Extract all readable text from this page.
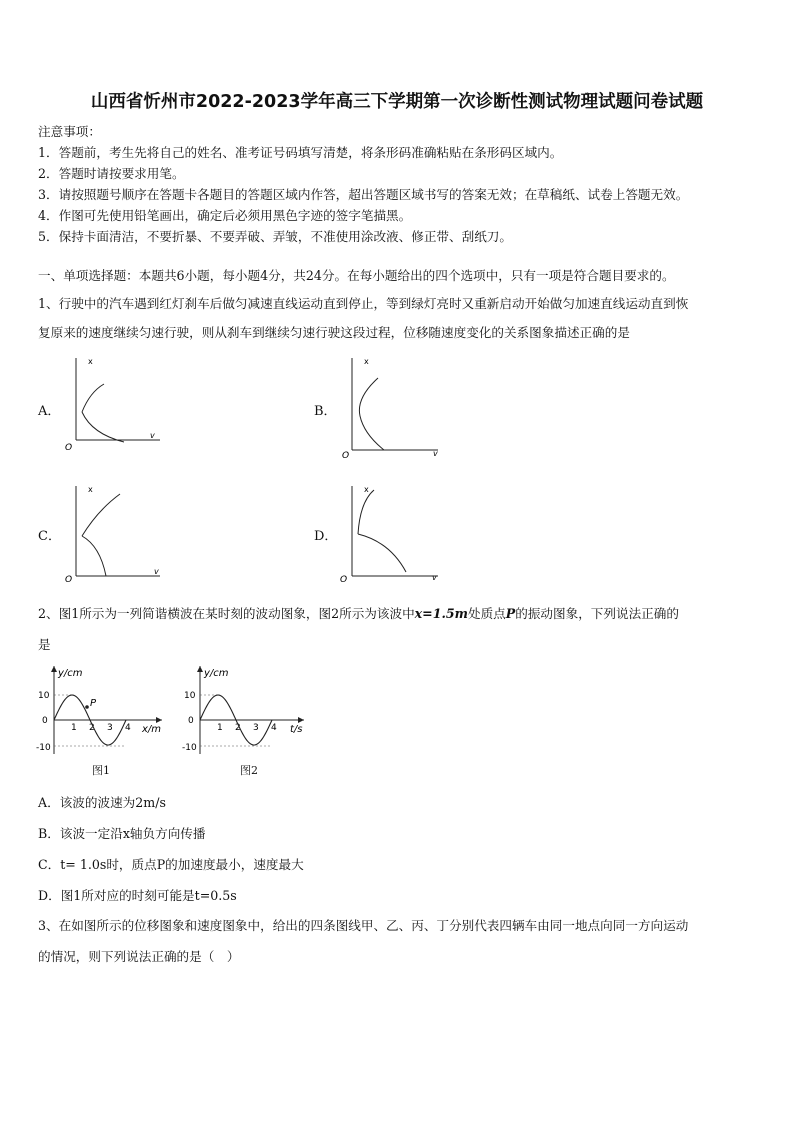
山西省忻州市2022-2023学年高三下学期第一次诊断性测试物理试题问卷试题
注意事项：
1．答题前，考生先将自己的姓名、准考证号码填写清楚，将条形码准确粘贴在条形码区域内。
2．答题时请按要求用笔。
3．请按照题号顺序在答题卡各题目的答题区域内作答，超出答题区域书写的答案无效；在草稿纸、试卷上答题无效。
4．作图可先使用铅笔画出，确定后必须用黑色字迹的签字笔描黑。
5．保持卡面清洁，不要折暴、不要弄破、弄皱，不准使用涂改液、修正带、刮纸刀。
一、单项选择题：本题共6小题，每小题4分，共24分。在每小题给出的四个选项中，只有一项是符合题目要求的。
1、行驶中的汽车遇到红灯刹车后做匀减速直线运动直到停止，等到绿灯亮时又重新启动开始做匀加速直线运动直到恢
复原来的速度继续匀速行驶，则从刹车到继续匀速行驶这段过程，位移随速度变化的关系图象描述正确的是
A．	B．
C．	D．
x
v
O
x
v
O
x
v
O
x
v
O
2、图1所示为一列简谐横波在某时刻的波动图象，图2所示为该波中x=1.5m处质点P的振动图象，下列说法正确的
是
y/cm
x/m
10
0
-10
1 2 3 4
P
图1
y/cm
t/s
10
0
-10
1 2 3 4
图2
A．该波的波速为2m/s
B．该波一定沿x轴负方向传播
C．t= 1.0s时，质点P的加速度最小，速度最大
D．图1所对应的时刻可能是t=0.5s
3、在如图所示的位移图象和速度图象中，给出的四条图线甲、乙、丙、丁分别代表四辆车由同一地点向同一方向运动
的情况，则下列说法正确的是（　）
